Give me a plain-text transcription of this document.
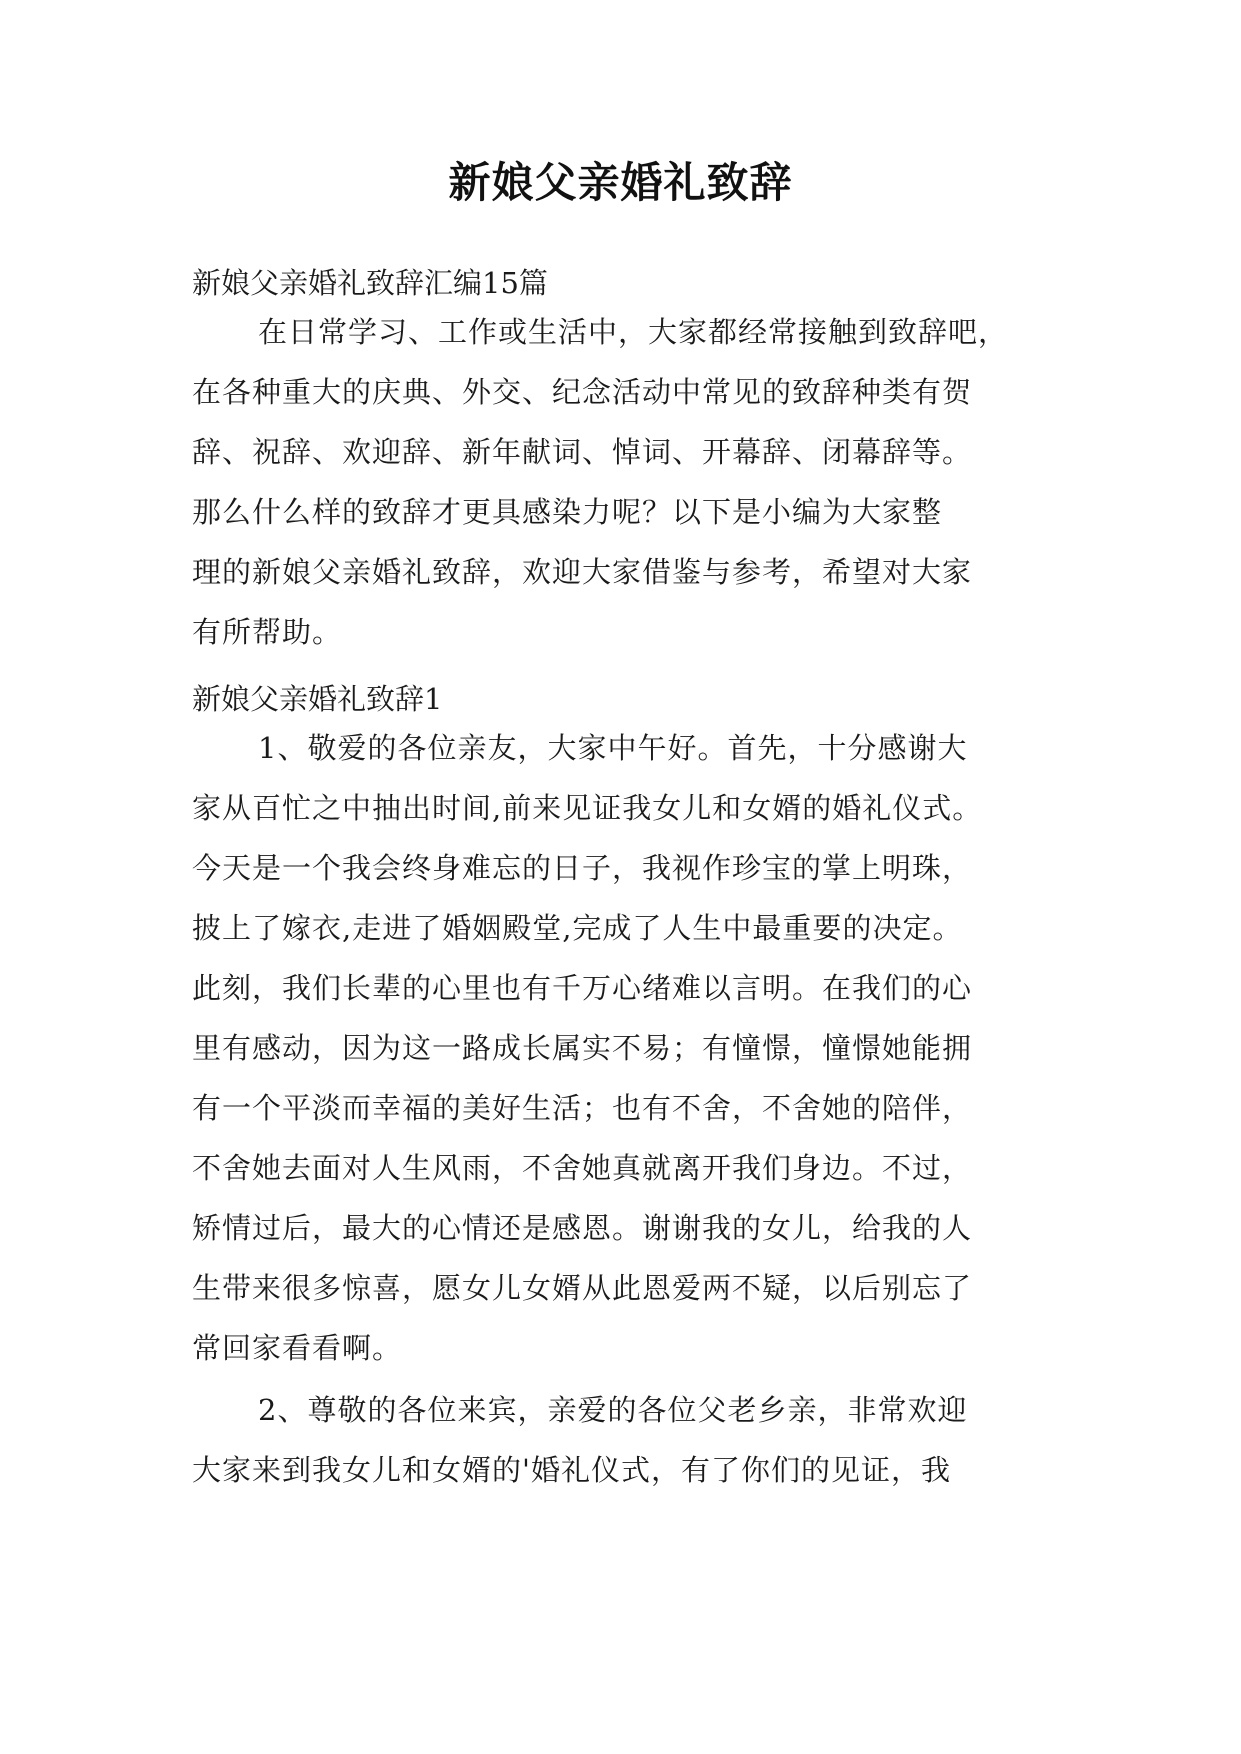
新娘父亲婚礼致辞
新娘父亲婚礼致辞汇编15篇
在日常学习、工作或生活中，大家都经常接触到致辞吧，
在各种重大的庆典、外交、纪念活动中常见的致辞种类有贺
辞、祝辞、欢迎辞、新年献词、悼词、开幕辞、闭幕辞等。
那么什么样的致辞才更具感染力呢？以下是小编为大家整
理的新娘父亲婚礼致辞，欢迎大家借鉴与参考，希望对大家
有所帮助。
新娘父亲婚礼致辞1
1、敬爱的各位亲友，大家中午好。首先，十分感谢大
家从百忙之中抽出时间,前来见证我女儿和女婿的婚礼仪式。
今天是一个我会终身难忘的日子，我视作珍宝的掌上明珠，
披上了嫁衣,走进了婚姻殿堂,完成了人生中最重要的决定。
此刻，我们长辈的心里也有千万心绪难以言明。在我们的心
里有感动，因为这一路成长属实不易；有憧憬，憧憬她能拥
有一个平淡而幸福的美好生活；也有不舍，不舍她的陪伴，
不舍她去面对人生风雨，不舍她真就离开我们身边。不过，
矫情过后，最大的心情还是感恩。谢谢我的女儿，给我的人
生带来很多惊喜，愿女儿女婿从此恩爱两不疑，以后别忘了
常回家看看啊。
2、尊敬的各位来宾，亲爱的各位父老乡亲，非常欢迎
大家来到我女儿和女婿的'婚礼仪式，有了你们的见证，我
